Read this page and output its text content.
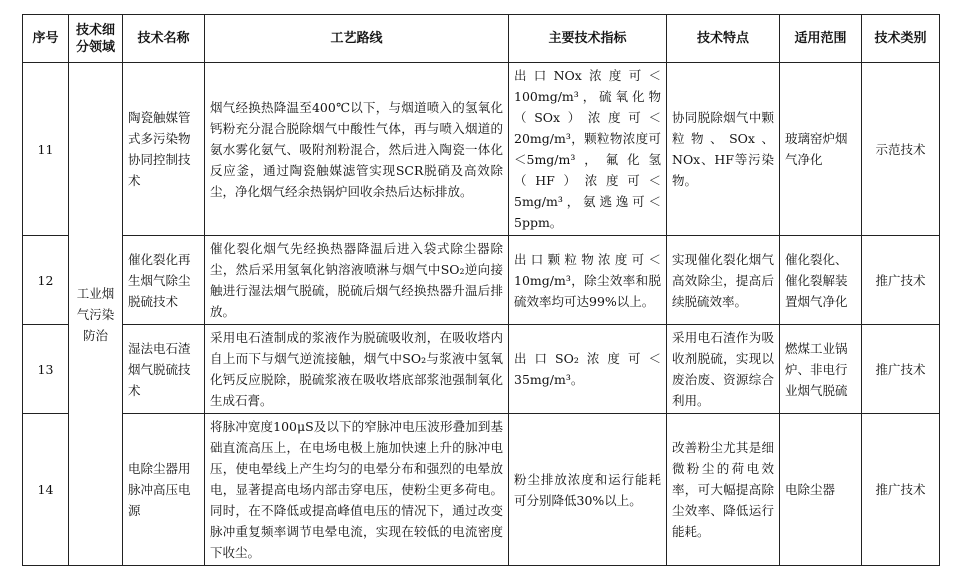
序号	技术细分领域	技术名称	工艺路线	主要技术指标	技术特点	适用范围	技术类别
11	工业烟气污染防治	陶瓷触媒管式多污染物协同控制技术	烟气经换热降温至400℃以下，与烟道喷入的氢氧化钙粉充分混合脱除烟气中酸性气体，再与喷入烟道的氨水雾化氨气、吸附剂粉混合，然后进入陶瓷一体化反应釜，通过陶瓷触媒滤管实现SCR脱硝及高效除尘，净化烟气经余热锅炉回收余热后达标排放。	出口NOx浓度可＜100mg/m³，硫氧化物（SOx）浓度可＜20mg/m³，颗粒物浓度可＜5mg/m³，氟化氢（HF）浓度可＜5mg/m³，氨逃逸可＜5ppm。	协同脱除烟气中颗粒物、SOx、NOx、HF等污染物。	玻璃窑炉烟气净化	示范技术
12		催化裂化再生烟气除尘脱硫技术	催化裂化烟气先经换热器降温后进入袋式除尘器除尘，然后采用氢氧化钠溶液喷淋与烟气中SO₂逆向接触进行湿法烟气脱硫，脱硫后烟气经换热器升温后排放。	出口颗粒物浓度可＜10mg/m³，除尘效率和脱硫效率均可达99%以上。	实现催化裂化烟气高效除尘，提高后续脱硫效率。	催化裂化、催化裂解装置烟气净化	推广技术
13		湿法电石渣烟气脱硫技术	采用电石渣制成的浆液作为脱硫吸收剂，在吸收塔内自上而下与烟气逆流接触，烟气中SO₂与浆液中氢氧化钙反应脱除，脱硫浆液在吸收塔底部浆池强制氧化生成石膏。	出口SO₂浓度可＜35mg/m³。	采用电石渣作为吸收剂脱硫，实现以废治废、资源综合利用。	燃煤工业锅炉、非电行业烟气脱硫	推广技术
14		电除尘器用脉冲高压电源	将脉冲宽度100μS及以下的窄脉冲电压波形叠加到基础直流高压上，在电场电极上施加快速上升的脉冲电压，使电晕线上产生均匀的电晕分布和强烈的电晕放电，显著提高电场内部击穿电压，使粉尘更多荷电。同时，在不降低或提高峰值电压的情况下，通过改变脉冲重复频率调节电晕电流，实现在较低的电流密度下收尘。	粉尘排放浓度和运行能耗可分别降低30%以上。	改善粉尘尤其是细微粉尘的荷电效率，可大幅提高除尘效率、降低运行能耗。	电除尘器	推广技术
